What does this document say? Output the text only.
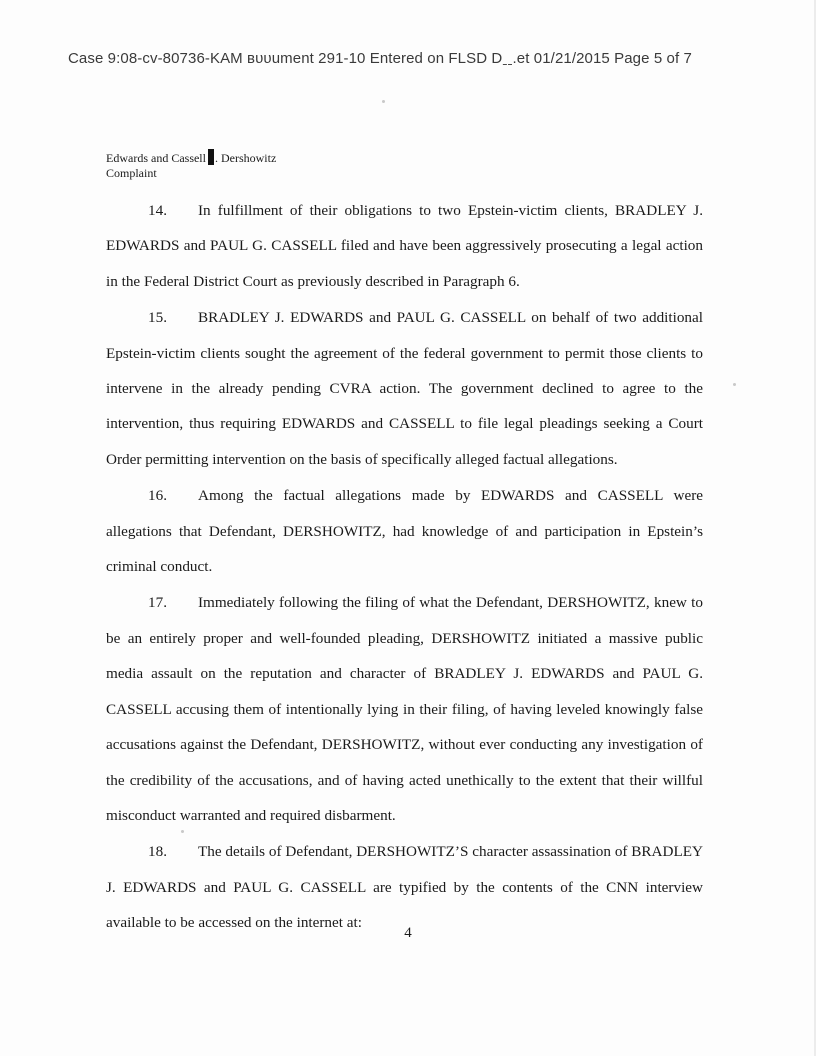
Case 9:08-cv-80736-KAM вυυument 291-10 Entered on FLSD Dˍˍ.et 01/21/2015 Page 5 of 7
Edwards and Cassell . Dershowitz
Complaint

14. In fulfillment of their obligations to two Epstein-victim clients, BRADLEY J. EDWARDS and PAUL G. CASSELL filed and have been aggressively prosecuting a legal action in the Federal District Court as previously described in Paragraph 6.

15. BRADLEY J. EDWARDS and PAUL G. CASSELL on behalf of two additional Epstein-victim clients sought the agreement of the federal government to permit those clients to intervene in the already pending CVRA action. The government declined to agree to the intervention, thus requiring EDWARDS and CASSELL to file legal pleadings seeking a Court Order permitting intervention on the basis of specifically alleged factual allegations.

16. Among the factual allegations made by EDWARDS and CASSELL were allegations that Defendant, DERSHOWITZ, had knowledge of and participation in Epstein’s criminal conduct.

17. Immediately following the filing of what the Defendant, DERSHOWITZ, knew to be an entirely proper and well-founded pleading, DERSHOWITZ initiated a massive public media assault on the reputation and character of BRADLEY J. EDWARDS and PAUL G. CASSELL accusing them of intentionally lying in their filing, of having leveled knowingly false accusations against the Defendant, DERSHOWITZ, without ever conducting any investigation of the credibility of the accusations, and of having acted unethically to the extent that their willful misconduct warranted and required disbarment.

18. The details of Defendant, DERSHOWITZ’S character assassination of BRADLEY J. EDWARDS and PAUL G. CASSELL are typified by the contents of the CNN interview available to be accessed on the internet at:

4
